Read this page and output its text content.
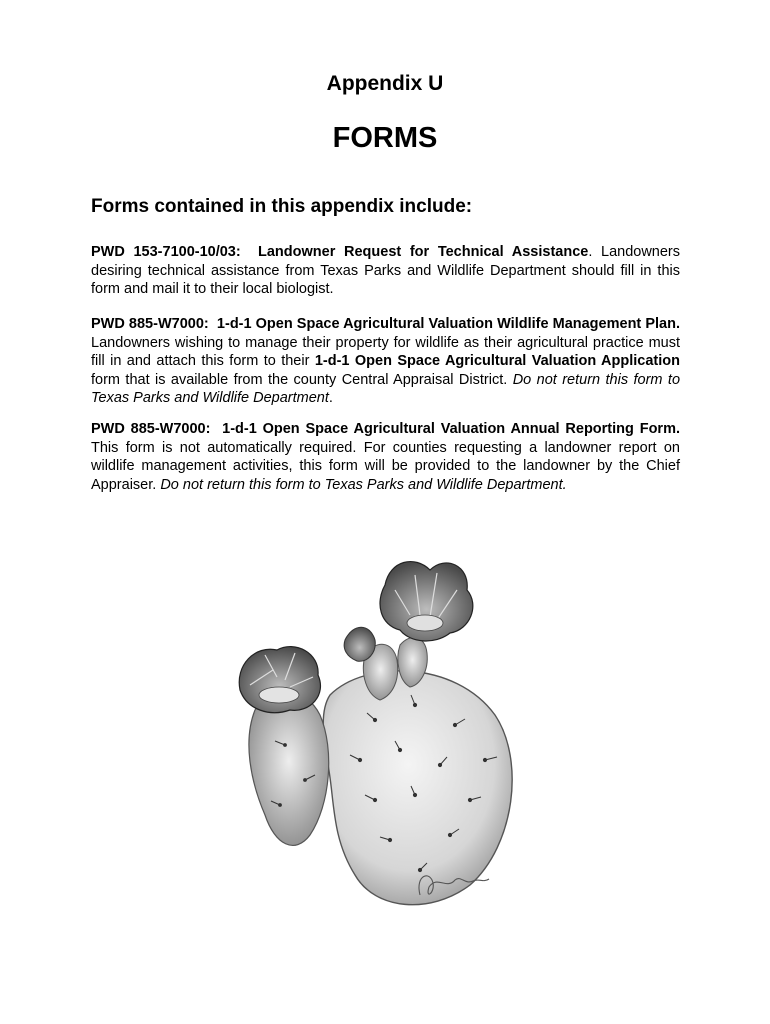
Appendix U
FORMS
Forms contained in this appendix include:
PWD 153-7100-10/03: Landowner Request for Technical Assistance. Landowners desiring technical assistance from Texas Parks and Wildlife Department should fill in this form and mail it to their local biologist.
PWD 885-W7000: 1-d-1 Open Space Agricultural Valuation Wildlife Management Plan. Landowners wishing to manage their property for wildlife as their agricultural practice must fill in and attach this form to their 1-d-1 Open Space Agricultural Valuation Application form that is available from the county Central Appraisal District. Do not return this form to Texas Parks and Wildlife Department.
PWD 885-W7000: 1-d-1 Open Space Agricultural Valuation Annual Reporting Form. This form is not automatically required. For counties requesting a landowner report on wildlife management activities, this form will be provided to the landowner by the Chief Appraiser. Do not return this form to Texas Parks and Wildlife Department.
